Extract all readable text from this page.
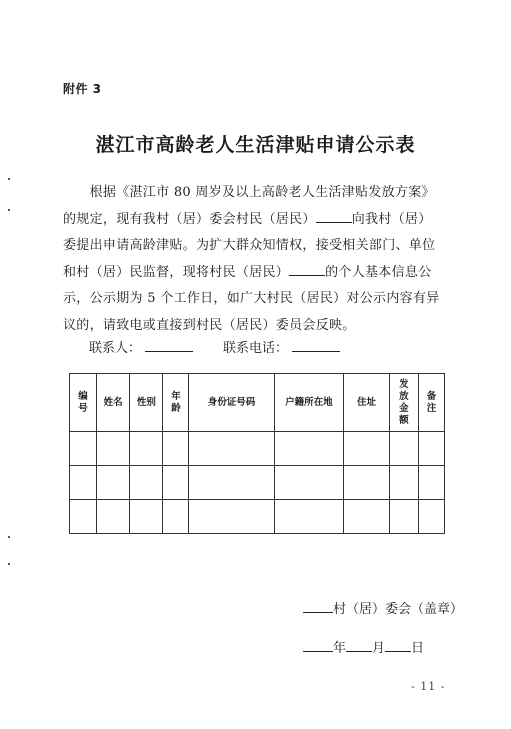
附件 3
湛江市高龄老人生活津贴申请公示表

　　根据《湛江市 80 周岁及以上高龄老人生活津贴发放方案》

的规定，现有我村（居）委会村民（居民）	向我村（居）

委提出申请高龄津贴。为扩大群众知情权，接受相关部门、单位

和村（居）民监督，现将村民（居民）	的个人基本信息公

示，公示期为 5 个工作日，如广大村民（居民）对公示内容有异

议的，请致电或直接到村民（居民）委员会反映。

联系人：	联系电话：
编号	姓名	性别	年龄	身份证号码	户籍所在地	住址	发放金额	备注

村（居）委会（盖章）
年 月 日
- 11 -
